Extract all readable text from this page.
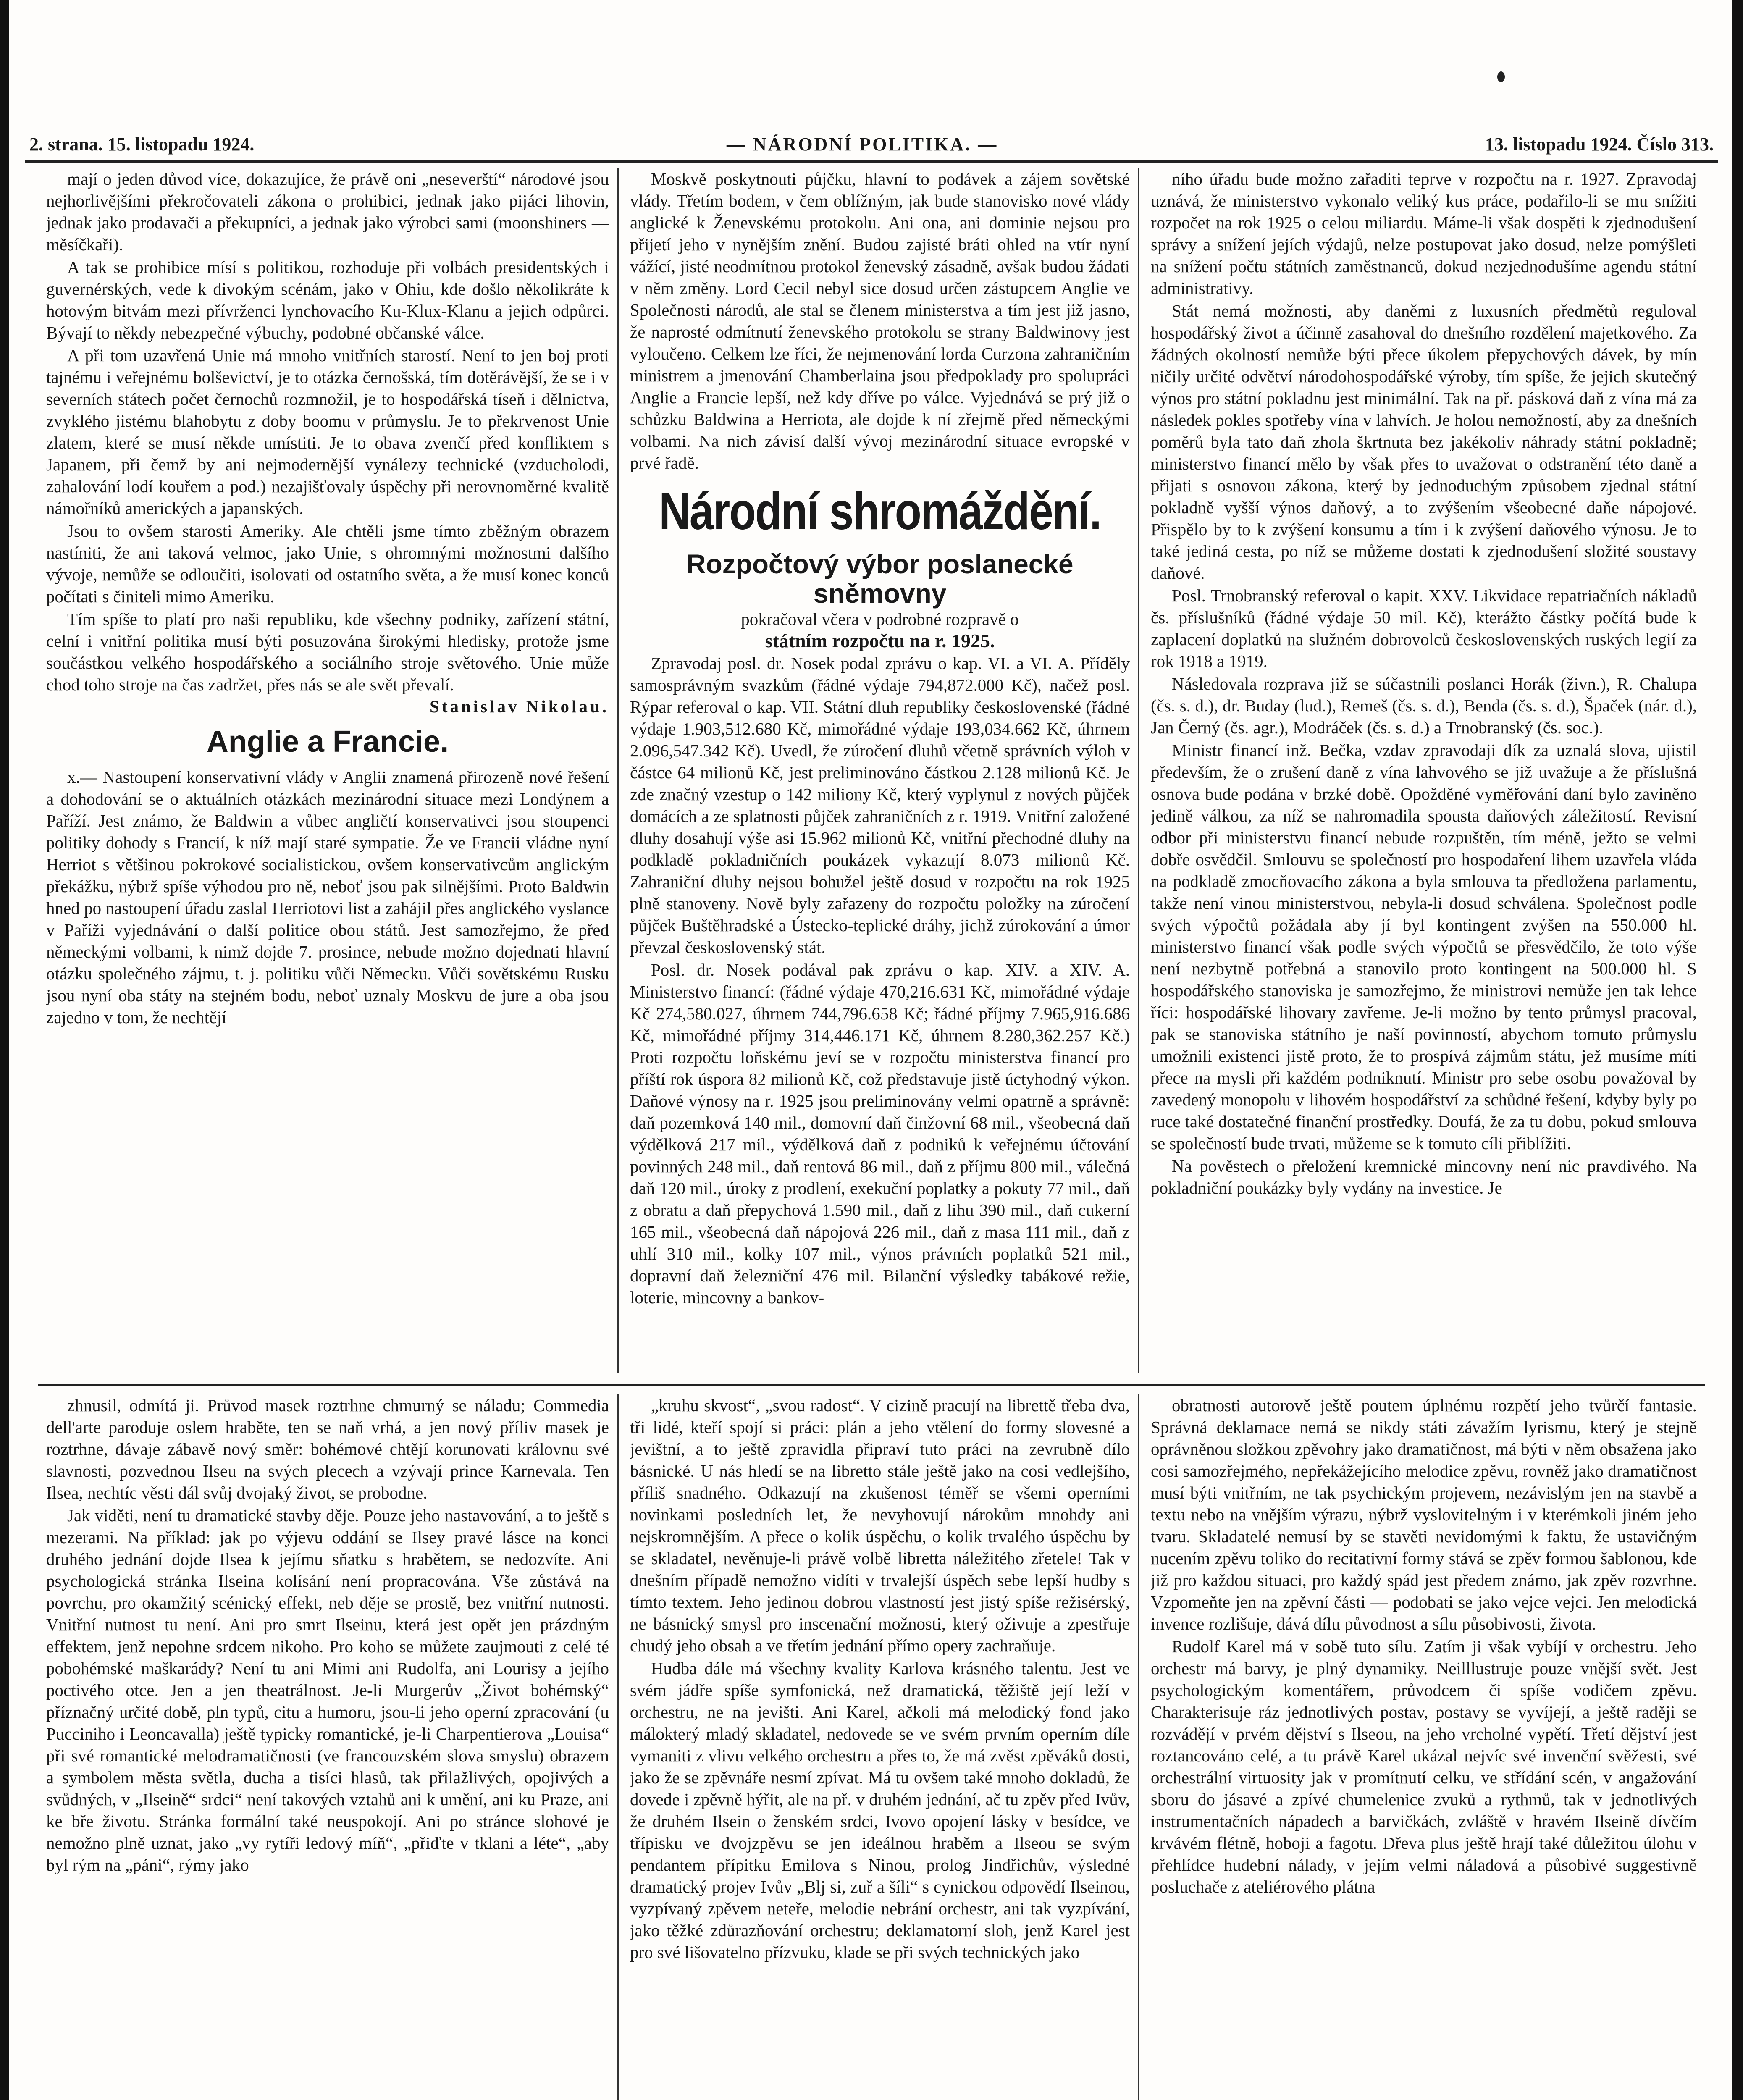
2. strana. 15. listopadu 1924.	— NÁRODNÍ POLITIKA. —	13. listopadu 1924. Číslo 313.

mají o jeden důvod více, dokazujíce, že právě oni „neseverští“ národové jsou nejhorlivějšími překročovateli zákona o prohibici, jednak jako pijáci lihovin, jednak jako prodavači a překupníci, a jednak jako výrobci sami (moonshiners — měsíčkaři).

A tak se prohibice mísí s politikou, rozhoduje při volbách presidentských i guvernérských, vede k divokým scénám, jako v Ohiu, kde došlo několikráte k hotovým bitvám mezi přívrženci lynchovacího Ku-Klux-Klanu a jejich odpůrci. Bývají to někdy nebezpečné výbuchy, podobné občanské válce.

A při tom uzavřená Unie má mnoho vnitřních starostí. Není to jen boj proti tajnému i veřejnému bolševictví, je to otázka černošská, tím dotěrávější, že se i v severních státech počet černochů rozmnožil, je to hospodářská tíseň i dělnictva, zvyklého jistému blahobytu z doby boomu v průmyslu. Je to překrvenost Unie zlatem, které se musí někde umístiti. Je to obava zvenčí před konfliktem s Japanem, při čemž by ani nejmodernější vynálezy technické (vzducholodi, zahalování lodí kouřem a pod.) nezajišťovaly úspěchy při nerovnoměrné kvalitě námořníků amerických a japanských.

Jsou to ovšem starosti Ameriky. Ale chtěli jsme tímto zběžným obrazem nastíniti, že ani taková velmoc, jako Unie, s ohromnými možnostmi dalšího vývoje, nemůže se odloučiti, isolovati od ostatního světa, a že musí konec konců počítati s činiteli mimo Ameriku.

Tím spíše to platí pro naši republiku, kde všechny podniky, zařízení státní, celní i vnitřní politika musí býti posuzována širokými hledisky, protože jsme součástkou velkého hospodářského a sociálního stroje světového. Unie může chod toho stroje na čas zadržet, přes nás se ale svět převalí.

Stanislav Nikolau.
Anglie a Francie.

x.— Nastoupení konservativní vlády v Anglii znamená přirozeně nové řešení a dohodování se o aktuálních otázkách mezinárodní situace mezi Londýnem a Paříží. Jest známo, že Baldwin a vůbec angličtí konservativci jsou stoupenci politiky dohody s Francií, k níž mají staré sympatie. Že ve Francii vládne nyní Herriot s většinou pokrokové socialistickou, ovšem konservativcům anglickým překážku, nýbrž spíše výhodou pro ně, neboť jsou pak silnějšími. Proto Baldwin hned po nastoupení úřadu zaslal Herriotovi list a zahájil přes anglického vyslance v Paříži vyjednávání o další politice obou států. Jest samozřejmo, že před německými volbami, k nimž dojde 7. prosince, nebude možno dojednati hlavní otázku společného zájmu, t. j. politiku vůči Německu. Vůči sovětskému Rusku jsou nyní oba státy na stejném bodu, neboť uznaly Moskvu de jure a oba jsou zajedno v tom, že nechtějí

Moskvě poskytnouti půjčku, hlavní to podávek a zájem sovětské vlády. Třetím bodem, v čem oblížným, jak bude stanovisko nové vlády anglické k Ženevskému protokolu. Ani ona, ani dominie nejsou pro přijetí jeho v nynějším znění. Budou zajisté bráti ohled na vtír nyní vážící, jisté neodmítnou protokol ženevský zásadně, avšak budou žádati v něm změny. Lord Cecil nebyl sice dosud určen zástupcem Anglie ve Společnosti národů, ale stal se členem ministerstva a tím jest již jasno, že naprosté odmítnutí ženevského protokolu se strany Baldwinovy jest vyloučeno. Celkem lze říci, že nejmenování lorda Curzona zahraničním ministrem a jmenování Chamberlaina jsou předpoklady pro spolupráci Anglie a Francie lepší, než kdy dříve po válce. Vyjednává se prý již o schůzku Baldwina a Herriota, ale dojde k ní zřejmě před německými volbami. Na nich závisí další vývoj mezinárodní situace evropské v prvé řadě.

Národní shromáždění.
Rozpočtový výbor poslanecké sněmovny
pokračoval včera v podrobné rozpravě o
státním rozpočtu na r. 1925.

Zpravodaj posl. dr. Nosek podal zprávu o kap. VI. a VI. A. Příděly samosprávným svazkům (řádné výdaje 794,872.000 Kč), načež posl. Rýpar referoval o kap. VII. Státní dluh republiky československé (řádné výdaje 1.903,512.680 Kč, mimořádné výdaje 193,034.662 Kč, úhrnem 2.096,547.342 Kč). Uvedl, že zúročení dluhů včetně správních výloh v částce 64 milionů Kč, jest preliminováno částkou 2.128 milionů Kč. Je zde značný vzestup o 142 miliony Kč, který vyplynul z nových půjček domácích a ze splatnosti půjček zahraničních z r. 1919. Vnitřní založené dluhy dosahují výše asi 15.962 milionů Kč, vnitřní přechodné dluhy na podkladě pokladničních poukázek vykazují 8.073 milionů Kč. Zahraniční dluhy nejsou bohužel ještě dosud v rozpočtu na rok 1925 plně stanoveny. Nově byly zařazeny do rozpočtu položky na zúročení půjček Buštěhradské a Ústecko-teplické dráhy, jichž zúrokování a úmor převzal československý stát.

Posl. dr. Nosek podával pak zprávu o kap. XIV. a XIV. A. Ministerstvo financí: (řádné výdaje 470,216.631 Kč, mimořádné výdaje Kč 274,580.027, úhrnem 744,796.658 Kč; řádné příjmy 7.965,916.686 Kč, mimořádné příjmy 314,446.171 Kč, úhrnem 8.280,362.257 Kč.) Proti rozpočtu loňskému jeví se v rozpočtu ministerstva financí pro příští rok úspora 82 milionů Kč, což představuje jistě úctyhodný výkon. Daňové výnosy na r. 1925 jsou preliminovány velmi opatrně a správně: daň pozemková 140 mil., domovní daň činžovní 68 mil., všeobecná daň výdělková 217 mil., výdělková daň z podniků k veřejnému účtování povinných 248 mil., daň rentová 86 mil., daň z příjmu 800 mil., válečná daň 120 mil., úroky z prodlení, exekuční poplatky a pokuty 77 mil., daň z obratu a daň přepychová 1.590 mil., daň z lihu 390 mil., daň cukerní 165 mil., všeobecná daň nápojová 226 mil., daň z masa 111 mil., daň z uhlí 310 mil., kolky 107 mil., výnos právních poplatků 521 mil., dopravní daň železniční 476 mil. Bilanční výsledky tabákové režie, loterie, mincovny a bankov-

ního úřadu bude možno zařaditi teprve v rozpočtu na r. 1927. Zpravodaj uznává, že ministerstvo vykonalo veliký kus práce, podařilo-li se mu snížiti rozpočet na rok 1925 o celou miliardu. Máme-li však dospěti k zjednodušení správy a snížení jejích výdajů, nelze postupovat jako dosud, nelze pomýšleti na snížení počtu státních zaměstnanců, dokud nezjednodušíme agendu státní administrativy.

Stát nemá možnosti, aby daněmi z luxusních předmětů reguloval hospodářský život a účinně zasahoval do dnešního rozdělení majetkového. Za žádných okolností nemůže býti přece úkolem přepychových dávek, by mín ničily určité odvětví národohospodářské výroby, tím spíše, že jejich skutečný výnos pro státní pokladnu jest minimální. Tak na př. pásková daň z vína má za následek pokles spotřeby vína v lahvích. Je holou nemožností, aby za dnešních poměrů byla tato daň zhola škrtnuta bez jakékoliv náhrady státní pokladně; ministerstvo financí mělo by však přes to uvažovat o odstranění této daně a přijati s osnovou zákona, který by jednoduchým způsobem zjednal státní pokladně vyšší výnos daňový, a to zvýšením všeobecné daňe nápojové. Přispělo by to k zvýšení konsumu a tím i k zvýšení daňového výnosu. Je to také jediná cesta, po níž se můžeme dostati k zjednodušení složité soustavy daňové.

Posl. Trnobranský referoval o kapit. XXV. Likvidace repatriačních nákladů čs. příslušníků (řádné výdaje 50 mil. Kč), kterážto částky počítá bude k zaplacení doplatků na služném dobrovolců československých ruských legií za rok 1918 a 1919.

Následovala rozprava již se súčastnili poslanci Horák (živn.), R. Chalupa (čs. s. d.), dr. Buday (lud.), Remeš (čs. s. d.), Benda (čs. s. d.), Špaček (nár. d.), Jan Černý (čs. agr.), Modráček (čs. s. d.) a Trnobranský (čs. soc.).

Ministr financí inž. Bečka, vzdav zpravodaji dík za uznalá slova, ujistil především, že o zrušení daně z vína lahvového se již uvažuje a že příslušná osnova bude podána v brzké době. Opožděné vyměřování daní bylo zaviněno jedině válkou, za níž se nahromadila spousta daňových záležitostí. Revisní odbor při ministerstvu financí nebude rozpuštěn, tím méně, ježto se velmi dobře osvědčil. Smlouvu se společností pro hospodaření lihem uzavřela vláda na podkladě zmocňovacího zákona a byla smlouva ta předložena parlamentu, takže není vinou ministerstvou, nebyla-li dosud schválena. Společnost podle svých výpočtů požádala aby jí byl kontingent zvýšen na 550.000 hl. ministerstvo financí však podle svých výpočtů se přesvědčilo, že toto výše není nezbytně potřebná a stanovilo proto kontingent na 500.000 hl. S hospodářského stanoviska je samozřejmo, že ministrovi nemůže jen tak lehce říci: hospodářské lihovary zavřeme. Je-li možno by tento průmysl pracoval, pak se stanoviska státního je naší povinností, abychom tomuto průmyslu umožnili existenci jistě proto, že to prospívá zájmům státu, jež musíme míti přece na mysli při každém podniknutí. Ministr pro sebe osobu považoval by zavedený monopolu v lihovém hospodářství za schůdné řešení, kdyby byly po ruce také dostatečné finanční prostředky. Doufá, že za tu dobu, pokud smlouva se společností bude trvati, můžeme se k tomuto cíli přiblížiti.

Na pověstech o přeložení kremnické mincovny není nic pravdivého. Na pokladniční poukázky byly vydány na investice. Je

zhnusil, odmítá ji. Průvod masek roztrhne chmurný se náladu; Commedia dell'arte paroduje oslem hraběte, ten se naň vrhá, a jen nový příliv masek je roztrhne, dávaje zábavě nový směr: bohémové chtějí korunovati královnu své slavnosti, pozvednou Ilseu na svých plecech a vzývají prince Karnevala. Ten Ilsea, nechtíc věsti dál svůj dvojaký život, se probodne.

Jak viděti, není tu dramatické stavby děje. Pouze jeho nastavování, a to ještě s mezerami. Na příklad: jak po výjevu oddání se Ilsey pravé lásce na konci druhého jednání dojde Ilsea k jejímu sňatku s hrabětem, se nedozvíte. Ani psychologická stránka Ilseina kolísání není propracována. Vše zůstává na povrchu, pro okamžitý scénický effekt, neb děje se prostě, bez vnitřní nutnosti. Vnitřní nutnost tu není. Ani pro smrt Ilseinu, která jest opět jen prázdným effektem, jenž nepohne srdcem nikoho. Pro koho se můžete zaujmouti z celé té pobohémské maškarády? Není tu ani Mimi ani Rudolfa, ani Lourisy a jejího poctivého otce. Jen a jen theatrálnost. Je-li Murgerův „Život bohémský“ příznačný určité době, pln typů, citu a humoru, jsou-li jeho operní zpracování (u Pucciniho i Leoncavalla) ještě typicky romantické, je-li Charpentierova „Louisa“ při své romantické melodramatičnosti (ve francouzském slova smyslu) obrazem a symbolem města světla, ducha a tisíci hlasů, tak přilažlivých, opojivých a svůdných, v „Ilseině“ srdci“ není takových vztahů ani k umění, ani ku Praze, ani ke bře životu. Stránka formální také neuspokojí. Ani po stránce slohové je nemožno plně uznat, jako „vy rytíři ledový míň“, „přiďte v tklani a léte“, „aby byl rým na „páni“, rýmy jako

„kruhu skvost“, „svou radost“. V cizině pracují na librettě třeba dva, tři lidé, kteří spojí si práci: plán a jeho vtělení do formy slovesné a jevištní, a to ještě zpravidla připraví tuto práci na zevrubně dílo básnické. U nás hledí se na libretto stále ještě jako na cosi vedlejšího, příliš snadného. Odkazují na zkušenost téměř se všemi operními novinkami posledních let, že nevyhovují nárokům mnohdy ani nejskromnějším. A přece o kolik úspěchu, o kolik trvalého úspěchu by se skladatel, nevěnuje-li právě volbě libretta náležitého zřetele! Tak v dnešním případě nemožno vidíti v trvalejší úspěch sebe lepší hudby s tímto textem. Jeho jedinou dobrou vlastností jest jistý spíše režisérský, ne básnický smysl pro inscenační možnosti, který oživuje a zpestřuje chudý jeho obsah a ve třetím jednání přímo opery zachraňuje.

Hudba dále má všechny kvality Karlova krásného talentu. Jest ve svém jádře spíše symfonická, než dramatická, těžiště její leží v orchestru, ne na jevišti. Ani Karel, ačkoli má melodický fond jako málokterý mladý skladatel, nedovede se ve svém prvním operním díle vymaniti z vlivu velkého orchestru a přes to, že má zvěst zpěváků dosti, jako že se zpěvnáře nesmí zpívat. Má tu ovšem také mnoho dokladů, že dovede i zpěvně hýřit, ale na př. v druhém jednání, ač tu zpěv před Ivův, že druhém Ilsein o ženském srdci, Ivovo opojení lásky v besídce, ve třípisku ve dvojzpěvu se jen ideálnou hraběm a Ilseou se svým pendantem přípitku Emilova s Ninou, prolog Jindřichův, výsledné dramatický projev Ivův „Blj si, zuř a šíli“ s cynickou odpovědí Ilseinou, vyzpívaný zpěvem neteře, melodie nebrání orchestr, ani tak vyzpívání, jako těžké zdůrazňování orchestru; deklamatorní sloh, jenž Karel jest pro své lišovatelno přízvuku, klade se při svých technických jako

obratnosti autorově ještě poutem úplnému rozpětí jeho tvůrčí fantasie. Správná deklamace nemá se nikdy státi závažím lyrismu, který je stejně oprávněnou složkou zpěvohry jako dramatičnost, má býti v něm obsažena jako cosi samozřejmého, nepřekážejícího melodice zpěvu, rovněž jako dramatičnost musí býti vnitřním, ne tak psychickým projevem, nezávislým jen na stavbě a textu nebo na vnějším výrazu, nýbrž vyslovitelným i v kterémkoli jiném jeho tvaru. Skladatelé nemusí by se stavěti nevidomými k faktu, že ustavičným nucením zpěvu toliko do recitativní formy stává se zpěv formou šablonou, kde již pro každou situaci, pro každý spád jest předem známo, jak zpěv rozvrhne. Vzpomeňte jen na zpěvní části — podobati se jako vejce vejci. Jen melodická invence rozlišuje, dává dílu původnost a sílu působivosti, života.

Rudolf Karel má v sobě tuto sílu. Zatím ji však vybíjí v orchestru. Jeho orchestr má barvy, je plný dynamiky. Neilllustruje pouze vnější svět. Jest psychologickým komentářem, průvodcem či spíše vodičem zpěvu. Charakterisuje ráz jednotlivých postav, postavy se vyvíjejí, a ještě raději se rozvádějí v prvém dějství s Ilseou, na jeho vrcholné vypětí. Třetí dějství jest roztancováno celé, a tu právě Karel ukázal nejvíc své invenční svěžesti, své orchestrální virtuosity jak v promítnutí celku, ve střídání scén, v angažování sboru do jásavé a zpívé chumelenice zvuků a rythmů, tak v jednotlivých instrumentačních nápadech a barvičkách, zvláště v hravém Ilseině dívčím krvávém flétně, hoboji a fagotu. Dřeva plus ještě hrají také důležitou úlohu v přehlídce hudební nálady, v jejím velmi náladová a působivé suggestivně posluchače z ateliérového plátna
